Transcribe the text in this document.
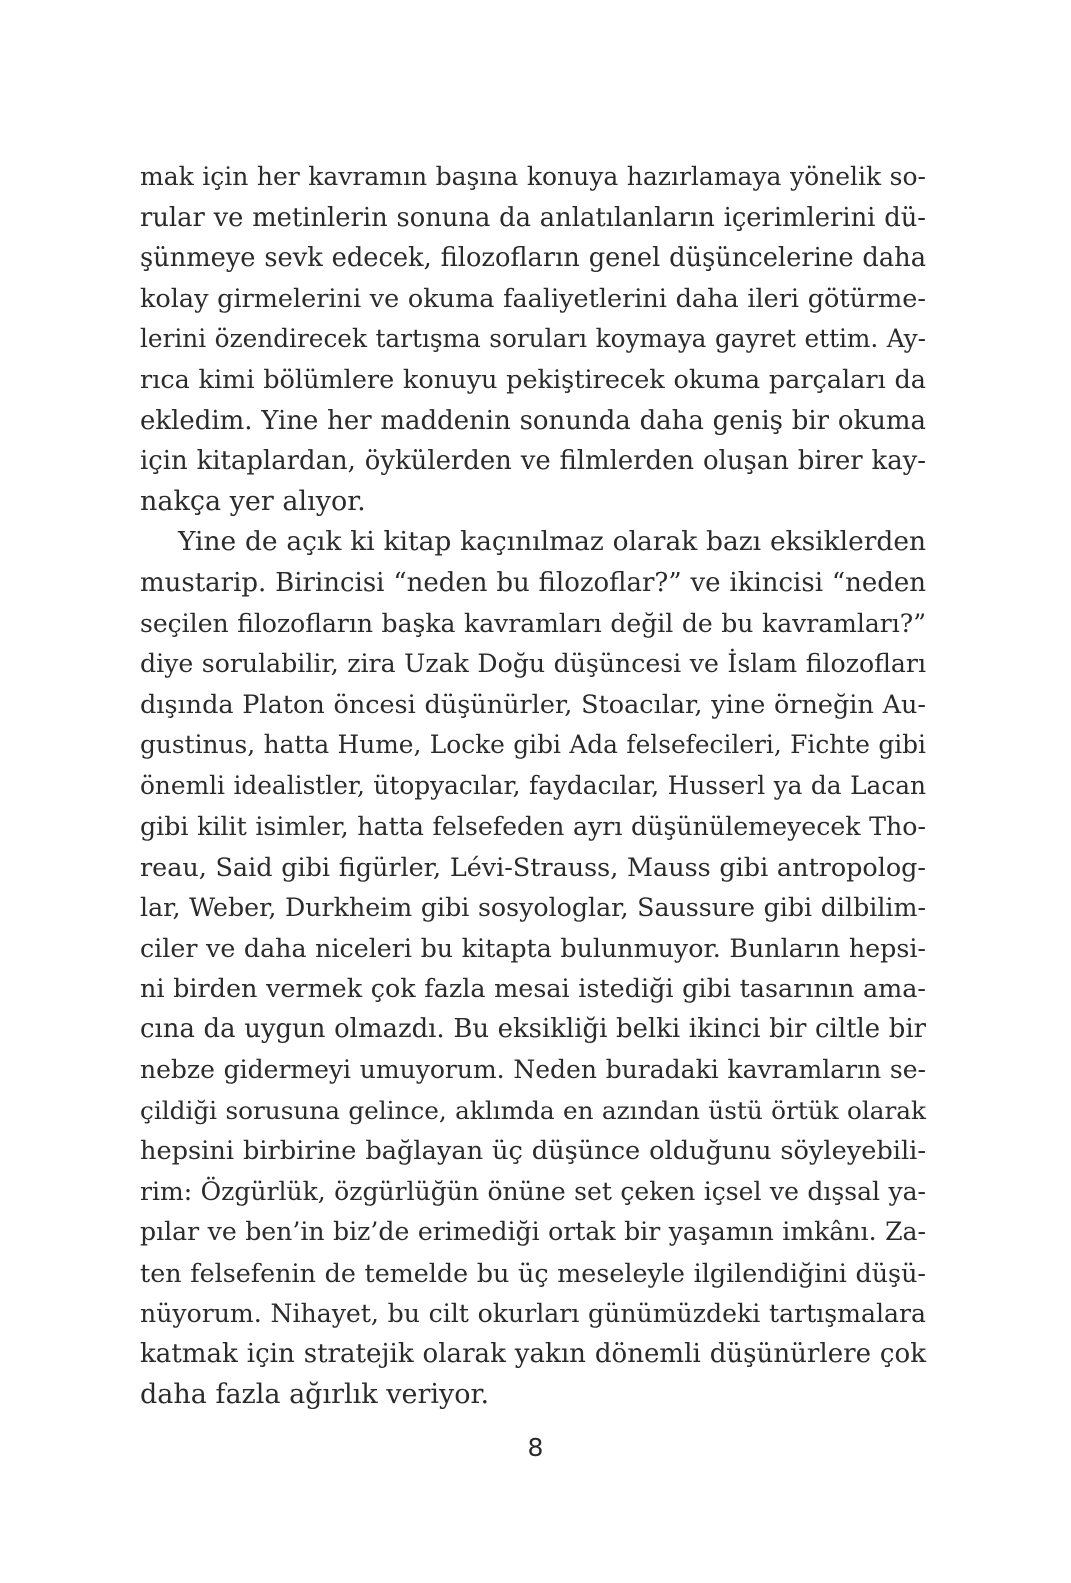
mak için her kavramın başına konuya hazırlamaya yönelik so-
rular ve metinlerin sonuna da anlatılanların içerimlerini dü-
şünmeye sevk edecek, filozofların genel düşüncelerine daha
kolay girmelerini ve okuma faaliyetlerini daha ileri götürme-
lerini özendirecek tartışma soruları koymaya gayret ettim. Ay-
rıca kimi bölümlere konuyu pekiştirecek okuma parçaları da
ekledim. Yine her maddenin sonunda daha geniş bir okuma
için kitaplardan, öykülerden ve filmlerden oluşan birer kay-
nakça yer alıyor.
Yine de açık ki kitap kaçınılmaz olarak bazı eksiklerden
mustarip. Birincisi “neden bu filozoflar?” ve ikincisi “neden
seçilen filozofların başka kavramları değil de bu kavramları?”
diye sorulabilir, zira Uzak Doğu düşüncesi ve İslam filozofları
dışında Platon öncesi düşünürler, Stoacılar, yine örneğin Au-
gustinus, hatta Hume, Locke gibi Ada felsefecileri, Fichte gibi
önemli idealistler, ütopyacılar, faydacılar, Husserl ya da Lacan
gibi kilit isimler, hatta felsefeden ayrı düşünülemeyecek Tho-
reau, Said gibi figürler, Lévi-Strauss, Mauss gibi antropolog-
lar, Weber, Durkheim gibi sosyologlar, Saussure gibi dilbilim-
ciler ve daha niceleri bu kitapta bulunmuyor. Bunların hepsi-
ni birden vermek çok fazla mesai istediği gibi tasarının ama-
cına da uygun olmazdı. Bu eksikliği belki ikinci bir ciltle bir
nebze gidermeyi umuyorum. Neden buradaki kavramların se-
çildiği sorusuna gelince, aklımda en azından üstü örtük olarak
hepsini birbirine bağlayan üç düşünce olduğunu söyleyebili-
rim: Özgürlük, özgürlüğün önüne set çeken içsel ve dışsal ya-
pılar ve ben’in biz’de erimediği ortak bir yaşamın imkânı. Za-
ten felsefenin de temelde bu üç meseleyle ilgilendiğini düşü-
nüyorum. Nihayet, bu cilt okurları günümüzdeki tartışmalara
katmak için stratejik olarak yakın dönemli düşünürlere çok
daha fazla ağırlık veriyor.
8
